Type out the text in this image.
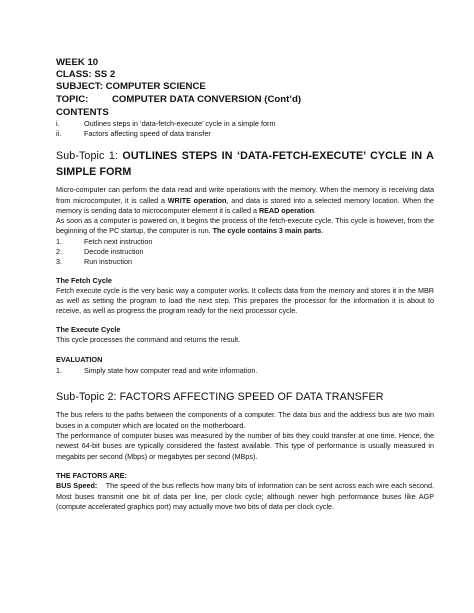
WEEK 10
CLASS: SS 2
SUBJECT: COMPUTER SCIENCE
TOPIC: COMPUTER DATA CONVERSION (Cont’d)
CONTENTS
i.	Outlines steps in ‘data-fetch-execute’ cycle in a simple form
ii.	Factors affecting speed of data transfer
Sub-Topic 1: OUTLINES STEPS IN ‘DATA-FETCH-EXECUTE’ CYCLE IN A SIMPLE FORM

Micro-computer can perform the data read and write operations with the memory. When the memory is receiving data from microcomputer, it is called a WRITE operation, and data is stored into a selected memory location. When the memory is sending data to microcomputer element it is called a READ operation.

As soon as a computer is powered on, it begins the process of the fetch-execute cycle. This cycle is however, from the beginning of the PC startup, the computer is run. The cycle contains 3 main parts.

1.	Fetch next instruction
2.	Decode instruction
3.	Run instruction
The Fetch Cycle

Fetch execute cycle is the very basic way a computer works. It collects data from the memory and stores it in the MBR as well as setting the program to load the next step. This prepares the processor for the information it is about to receive, as well as progress the program ready for the next processor cycle.

The Execute Cycle

This cycle processes the command and returns the result.

EVALUATION
1.	Simply state how computer read and write information.
Sub-Topic 2: FACTORS AFFECTING SPEED OF DATA TRANSFER

The bus refers to the paths between the components of a computer. The data bus and the address bus are two main buses in a computer which are located on the motherboard.

The performance of computer buses was measured by the number of bits they could transfer at one time. Hence, the newest 64-bit buses are typically considered the fastest available. This type of performance is usually measured in megabits per second (Mbps) or megabytes per second (MBps).

THE FACTORS ARE:

BUS Speed: The speed of the bus reflects how many bits of information can be sent across each wire each second. Most buses transmit one bit of data per line, per clock cycle; although newer high performance buses like AGP (compute accelerated graphics port) may actually move two bits of data per clock cycle.
